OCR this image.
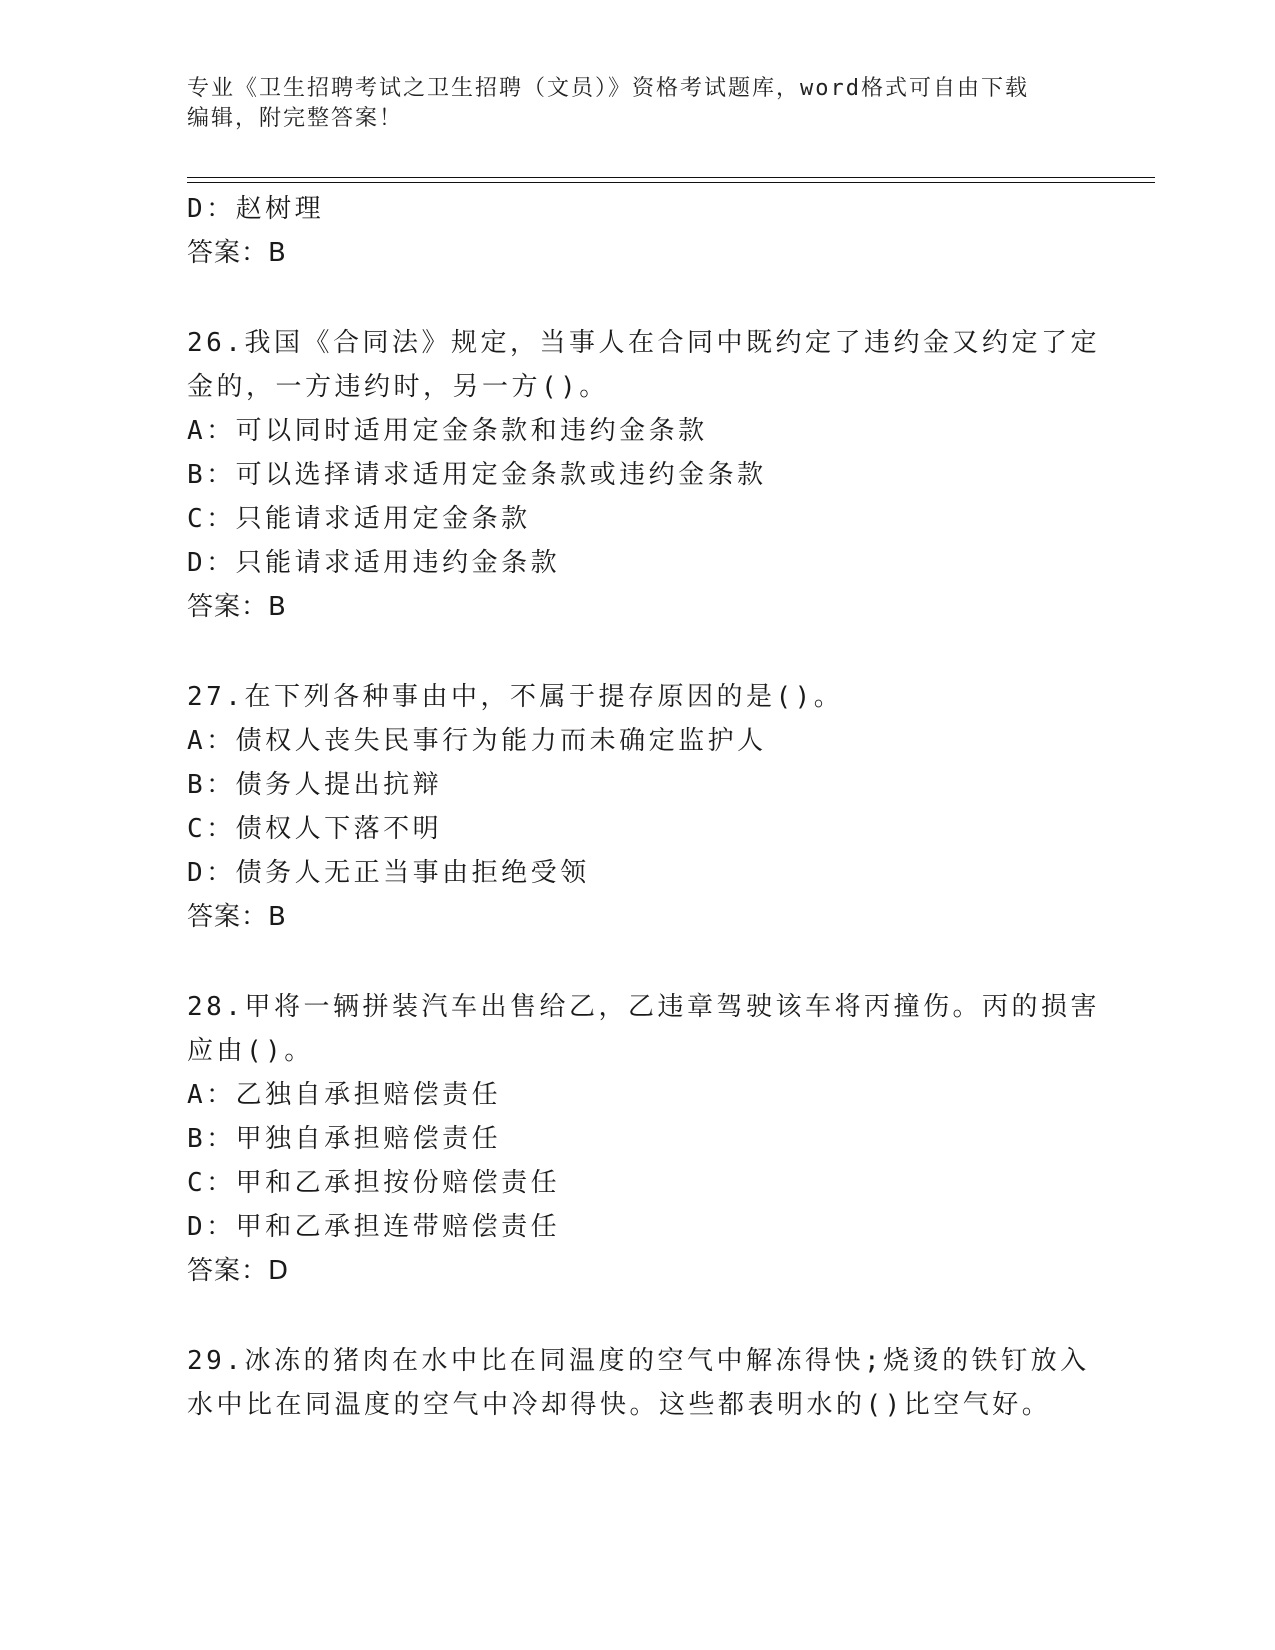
专业《卫生招聘考试之卫生招聘（文员）》资格考试题库，word格式可自由下载
编辑，附完整答案！
D：赵树理
答案：B
26.我国《合同法》规定，当事人在合同中既约定了违约金又约定了定
金的，一方违约时，另一方()。
A：可以同时适用定金条款和违约金条款
B：可以选择请求适用定金条款或违约金条款
C：只能请求适用定金条款
D：只能请求适用违约金条款
答案：B
27.在下列各种事由中，不属于提存原因的是()。
A：债权人丧失民事行为能力而未确定监护人
B：债务人提出抗辩
C：债权人下落不明
D：债务人无正当事由拒绝受领
答案：B
28.甲将一辆拼装汽车出售给乙，乙违章驾驶该车将丙撞伤。丙的损害
应由()。
A：乙独自承担赔偿责任
B：甲独自承担赔偿责任
C：甲和乙承担按份赔偿责任
D：甲和乙承担连带赔偿责任
答案：D
29.冰冻的猪肉在水中比在同温度的空气中解冻得快;烧烫的铁钉放入
水中比在同温度的空气中冷却得快。这些都表明水的()比空气好。
